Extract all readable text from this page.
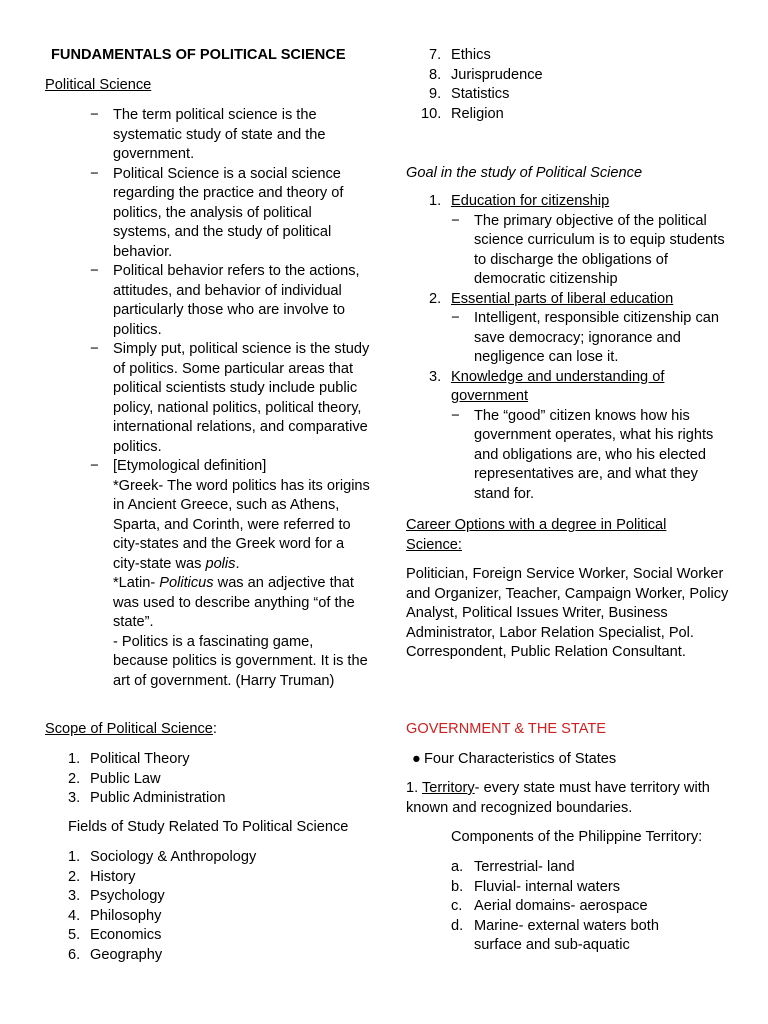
FUNDAMENTALS OF POLITICAL SCIENCE
Political Science
− The term political science is the systematic study of state and the government.
− Political Science is a social science regarding the practice and theory of politics, the analysis of political systems, and the study of political behavior.
− Political behavior refers to the actions, attitudes, and behavior of individual particularly those who are involve to politics.
− Simply put, political science is the study of politics. Some particular areas that political scientists study include public policy, national politics, political theory, international relations, and comparative politics.
− [Etymological definition]
*Greek- The word politics has its origins in Ancient Greece, such as Athens, Sparta, and Corinth, were referred to city-states and the Greek word for a city-state was polis.
*Latin- Politicus was an adjective that was used to describe anything “of the state”.
- Politics is a fascinating game, because politics is government. It is the art of government. (Harry Truman)
Scope of Political Science:
1. Political Theory
2. Public Law
3. Public Administration
Fields of Study Related To Political Science
1. Sociology & Anthropology
2. History
3. Psychology
4. Philosophy
5. Economics
6. Geography
7. Ethics
8. Jurisprudence
9. Statistics
10. Religion
Goal in the study of Political Science
1. Education for citizenship
− The primary objective of the political science curriculum is to equip students to discharge the obligations of democratic citizenship
2. Essential parts of liberal education
− Intelligent, responsible citizenship can save democracy; ignorance and negligence can lose it.
3. Knowledge and understanding of government
− The “good” citizen knows how his government operates, what his rights and obligations are, who his elected representatives are, and what they stand for.
Career Options with a degree in Political Science:
Politician, Foreign Service Worker, Social Worker and Organizer, Teacher, Campaign Worker, Policy Analyst, Political Issues Writer, Business Administrator, Labor Relation Specialist, Pol. Correspondent, Public Relation Consultant.
GOVERNMENT & THE STATE
● Four Characteristics of States
1. Territory- every state must have territory with known and recognized boundaries.
Components of the Philippine Territory:
a. Terrestrial- land
b. Fluvial- internal waters
c. Aerial domains- aerospace
d. Marine- external waters both surface and sub-aquatic
